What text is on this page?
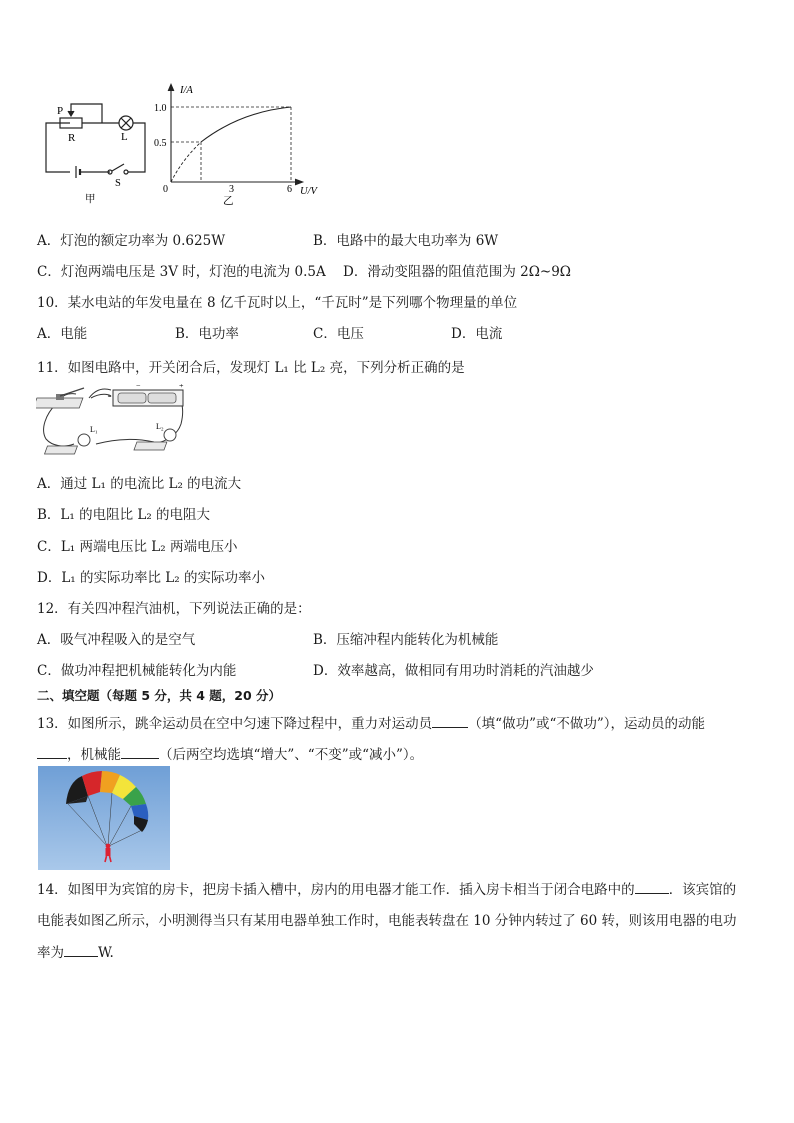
P
R	L
S
甲
I/A
1.0
0.5
0	3	6 U/V
乙
A．灯泡的额定功率为 0.625W	B．电路中的最大电功率为 6W
C．灯泡两端电压是 3V 时，灯泡的电流为 0.5A D．滑动变阻器的阻值范围为 2Ω~9Ω
10．某水电站的年发电量在 8 亿千瓦时以上，“千瓦时”是下列哪个物理量的单位
A．电能	B．电功率	C．电压	D．电流
11．如图电路中，开关闭合后，发现灯 L₁ 比 L₂ 亮，下列分析正确的是
−	+
L₁	L₂
A．通过 L₁ 的电流比 L₂ 的电流大
B．L₁ 的电阻比 L₂ 的电阻大
C．L₁ 两端电压比 L₂ 两端电压小
D．L₁ 的实际功率比 L₂ 的实际功率小
12．有关四冲程汽油机，下列说法正确的是：
A．吸气冲程吸入的是空气	B．压缩冲程内能转化为机械能
C．做功冲程把机械能转化为内能	D．效率越高，做相同有用功时消耗的汽油越少
二、填空题（每题 5 分，共 4 题，20 分）
13．如图所示，跳伞运动员在空中匀速下降过程中，重力对运动员	（填“做功”或“不做功”），运动员的动能
，机械能	（后两空均选填“增大”、“不变”或“减小”）。
14．如图甲为宾馆的房卡，把房卡插入槽中，房内的用电器才能工作．插入房卡相当于闭合电路中的	．该宾馆的
电能表如图乙所示，小明测得当只有某用电器单独工作时，电能表转盘在 10 分钟内转过了 60 转，则该用电器的电功
率为	W.
